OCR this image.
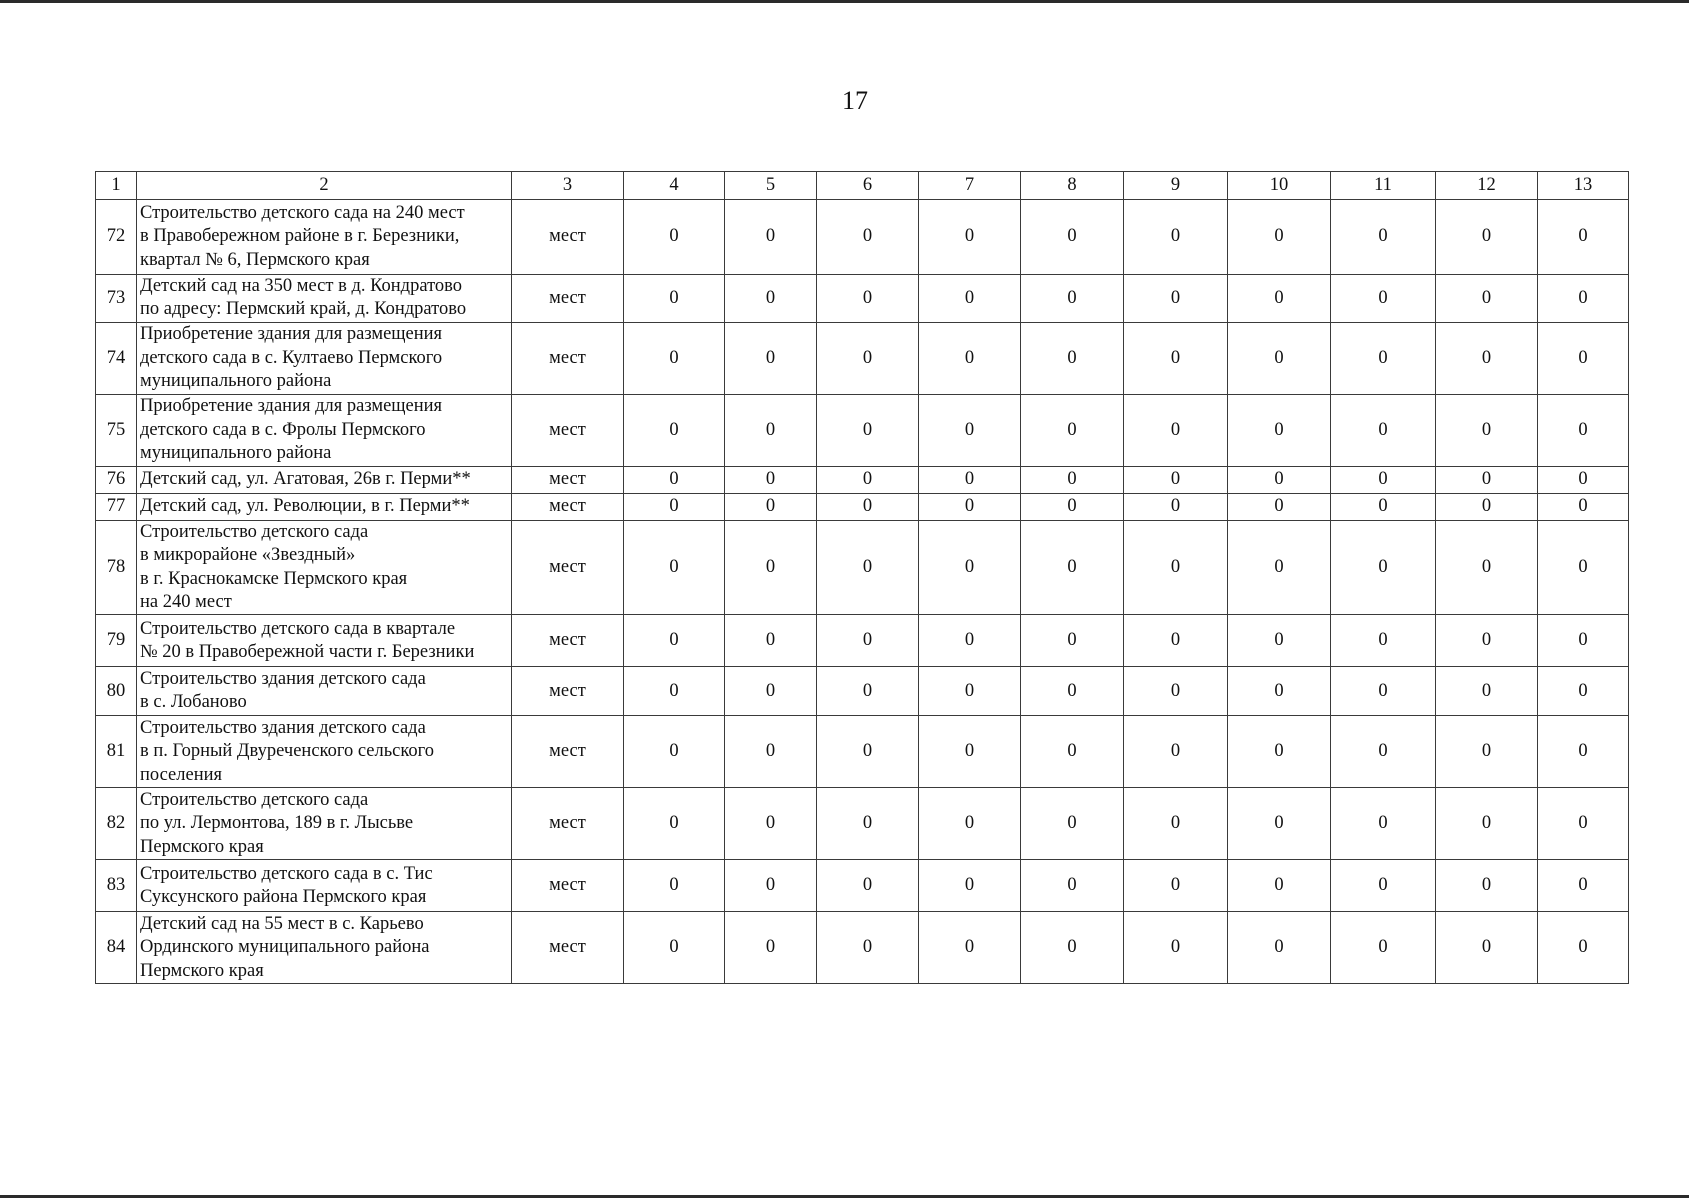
17
1	2	3	4	5	6	7	8	9	10	11	12	13
72	Строительство детского сада на 240 мест
в Правобережном районе в г. Березники,
квартал № 6, Пермского края	мест	0	0	0	0	0	0	0	0	0	0
73	Детский сад на 350 мест в д. Кондратово
по адресу: Пермский край, д. Кондратово	мест	0	0	0	0	0	0	0	0	0	0
74	Приобретение здания для размещения
детского сада в с. Култаево Пермского
муниципального района	мест	0	0	0	0	0	0	0	0	0	0
75	Приобретение здания для размещения
детского сада в с. Фролы Пермского
муниципального района	мест	0	0	0	0	0	0	0	0	0	0
76	Детский сад, ул. Агатовая, 26в г. Перми**	мест	0	0	0	0	0	0	0	0	0	0
77	Детский сад, ул. Революции, в г. Перми**	мест	0	0	0	0	0	0	0	0	0	0
78	Строительство детского сада
в микрорайоне «Звездный»
в г. Краснокамске Пермского края
на 240 мест	мест	0	0	0	0	0	0	0	0	0	0
79	Строительство детского сада в квартале
№ 20 в Правобережной части г. Березники	мест	0	0	0	0	0	0	0	0	0	0
80	Строительство здания детского сада
в с. Лобаново	мест	0	0	0	0	0	0	0	0	0	0
81	Строительство здания детского сада
в п. Горный Двуреченского сельского
поселения	мест	0	0	0	0	0	0	0	0	0	0
82	Строительство детского сада
по ул. Лермонтова, 189 в г. Лысьве
Пермского края	мест	0	0	0	0	0	0	0	0	0	0
83	Строительство детского сада в с. Тис
Суксунского района Пермского края	мест	0	0	0	0	0	0	0	0	0	0
84	Детский сад на 55 мест в с. Карьево
Ординского муниципального района
Пермского края	мест	0	0	0	0	0	0	0	0	0	0
